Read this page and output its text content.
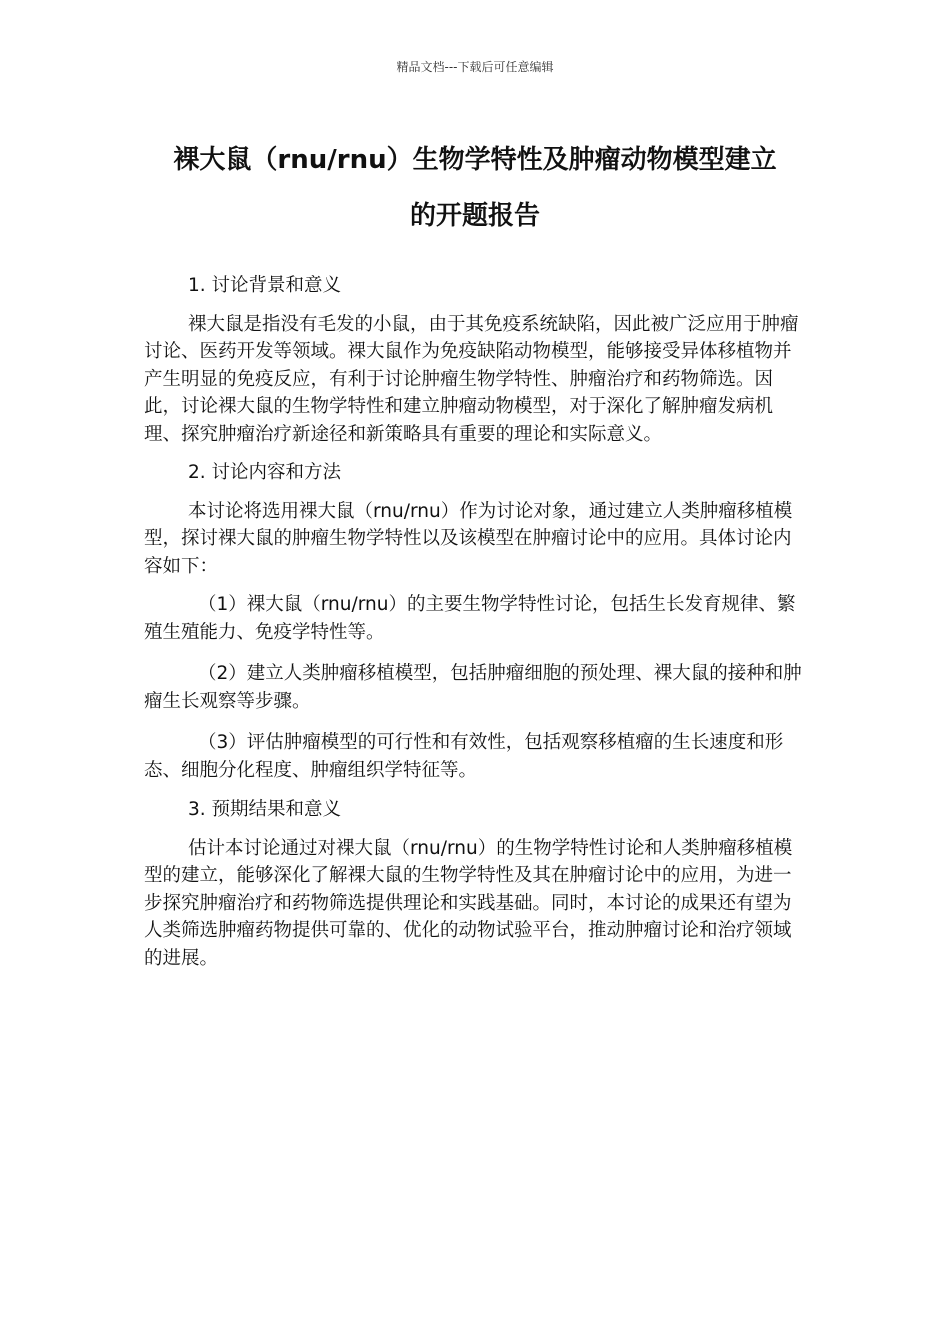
精品文档---下载后可任意编辑
裸大鼠（rnu/rnu）生物学特性及肿瘤动物模型建立
的开题报告

1. 讨论背景和意义

裸大鼠是指没有毛发的小鼠，由于其免疫系统缺陷，因此被广泛应用于肿瘤讨论、医药开发等领域。裸大鼠作为免疫缺陷动物模型，能够接受异体移植物并产生明显的免疫反应，有利于讨论肿瘤生物学特性、肿瘤治疗和药物筛选。因此，讨论裸大鼠的生物学特性和建立肿瘤动物模型，对于深化了解肿瘤发病机理、探究肿瘤治疗新途径和新策略具有重要的理论和实际意义。

2. 讨论内容和方法

本讨论将选用裸大鼠（rnu/rnu）作为讨论对象，通过建立人类肿瘤移植模型，探讨裸大鼠的肿瘤生物学特性以及该模型在肿瘤讨论中的应用。具体讨论内容如下：

（1）裸大鼠（rnu/rnu）的主要生物学特性讨论，包括生长发育规律、繁殖生殖能力、免疫学特性等。

（2）建立人类肿瘤移植模型，包括肿瘤细胞的预处理、裸大鼠的接种和肿瘤生长观察等步骤。

（3）评估肿瘤模型的可行性和有效性，包括观察移植瘤的生长速度和形态、细胞分化程度、肿瘤组织学特征等。

3. 预期结果和意义

估计本讨论通过对裸大鼠（rnu/rnu）的生物学特性讨论和人类肿瘤移植模型的建立，能够深化了解裸大鼠的生物学特性及其在肿瘤讨论中的应用，为进一步探究肿瘤治疗和药物筛选提供理论和实践基础。同时，本讨论的成果还有望为人类筛选肿瘤药物提供可靠的、优化的动物试验平台，推动肿瘤讨论和治疗领域的进展。
